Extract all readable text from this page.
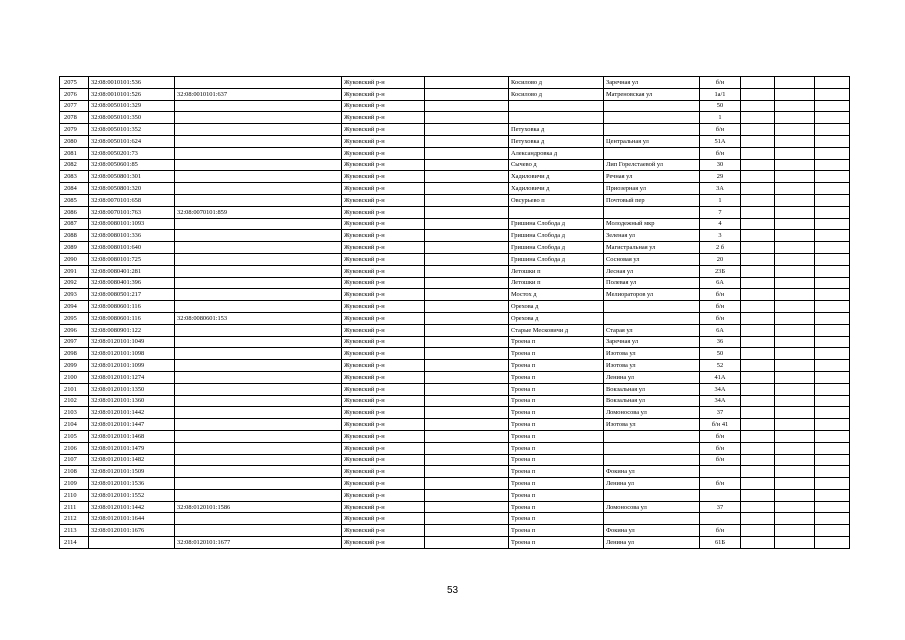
2075	32:08:0010101:536		Жуковский р-н		Косилово д	Заречная ул	б/н			
2076	32:08:0010101:526	32:08:0010101:637	Жуковский р-н		Косилово д	Матреновская ул	1а/1			
2077	32:08:0050101:329		Жуковский р-н				50			
2078	32:08:0050101:350		Жуковский р-н				1			
2079	32:08:0050101:352		Жуковский р-н		Петуховка д		б/н			
2080	32:08:0050101:624		Жуковский р-н		Петуховка д	Центральная ул	51А			
2081	32:08:0050201:73		Жуковский р-н		Александровка д		б/н			
2082	32:08:0050601:85		Жуковский р-н		Сычево д	Лип Горелстаевой ул	30			
2083	32:08:0050801:301		Жуковский р-н		Хадиловичи д	Речная ул	29			
2084	32:08:0050801:320		Жуковский р-н		Хадиловичи д	Приозерная ул	3А			
2085	32:08:0070101:658		Жуковский р-н		Овсурьево п	Почтовый пер	1			
2086	32:08:0070101:763	32:08:0070101:859	Жуковский р-н				7			
2087	32:08:0080101:1093		Жуковский р-н		Гришина Слобода д	Молодежный мкр	4			
2088	32:08:0080101:336		Жуковский р-н		Гришина Слобода д	Зеленая ул	3			
2089	32:08:0080101:640		Жуковский р-н		Гришина Слобода д	Магистральная ул	2 б			
2090	32:08:0080101:725		Жуковский р-н		Гришина Слобода д	Сосновая ул	20			
2091	32:08:0080401:281		Жуковский р-н		Летошки п	Лесная ул	23Б			
2092	32:08:0080401:396		Жуковский р-н		Летошки п	Полевая ул	6А			
2093	32:08:0080501:217		Жуковский р-н		Мостох д	Мелиораторов ул	б/н			
2094	32:08:0080601:116		Жуковский р-н		Орехова д		б/н			
2095	32:08:0080601:116	32:08:0080601:153	Жуковский р-н		Орехова д		б/н			
2096	32:08:0080901:122		Жуковский р-н		Старые Месковичи д	Старая ул	6А			
2097	32:08:0120101:1049		Жуковский р-н		Троена п	Заречная ул	36			
2098	32:08:0120101:1098		Жуковский р-н		Троена п	Изотова ул	50			
2099	32:08:0120101:1099		Жуковский р-н		Троена п	Изотова ул	52			
2100	32:08:0120101:1274		Жуковский р-н		Троена п	Ленина ул	41А			
2101	32:08:0120101:1350		Жуковский р-н		Троена п	Вокзальная ул	34А			
2102	32:08:0120101:1360		Жуковский р-н		Троена п	Вокзальная ул	34А			
2103	32:08:0120101:1442		Жуковский р-н		Троена п	Ломоносова ул	37			
2104	32:08:0120101:1447		Жуковский р-н		Троена п	Изотова ул	б/н 41			
2105	32:08:0120101:1468		Жуковский р-н		Троена п		б/н			
2106	32:08:0120101:1479		Жуковский р-н		Троена п		б/н			
2107	32:08:0120101:1482		Жуковский р-н		Троена п		б/н			
2108	32:08:0120101:1509		Жуковский р-н		Троена п	Фокина ул				
2109	32:08:0120101:1536		Жуковский р-н		Троена п	Ленина ул	б/н			
2110	32:08:0120101:1552		Жуковский р-н		Троена п					
2111	32:08:0120101:1442	32:08:0120101:1586	Жуковский р-н		Троена п	Ломоносова ул	37			
2112	32:08:0120101:1644		Жуковский р-н		Троена п					
2113	32:08:0120101:1676		Жуковский р-н		Троена п	Фокина ул	б/н			
2114		32:08:0120101:1677	Жуковский р-н		Троена п	Ленина ул	61Б			
53
